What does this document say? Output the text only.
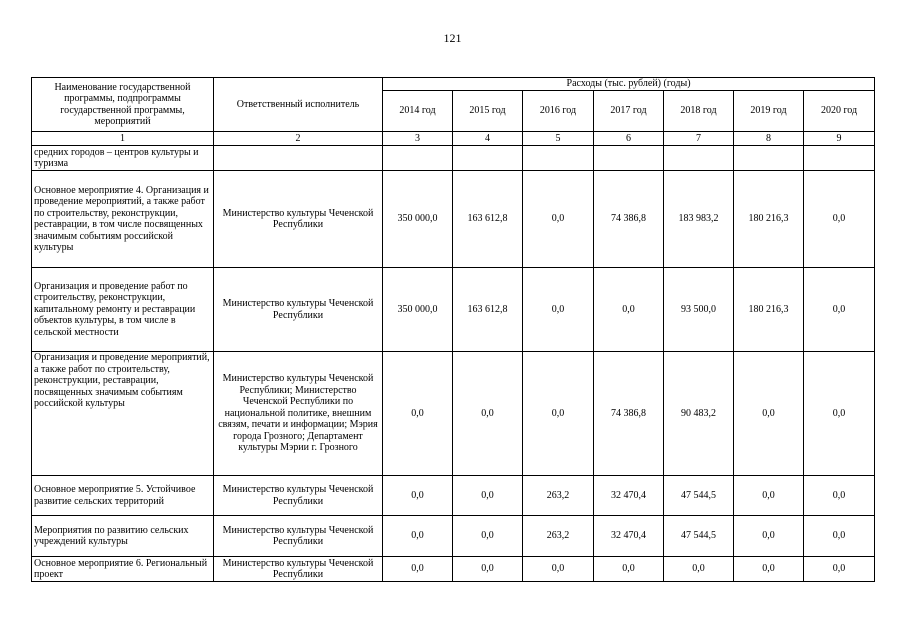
121
Наименование государственной программы, подпрограммы государственной программы, мероприятий	Ответственный исполнитель	Расходы (тыс. рублей) (годы)						
		2014 год	2015 год	2016 год	2017 год	2018 год	2019 год	2020 год
1	2	3	4	5	6	7	8	9
средних городов – центров культуры и туризма								
Основное мероприятие 4. Организация и проведение мероприятий, а также работ по строительству, реконструкции, реставрации, в том числе посвященных значимым событиям российской культуры	Министерство культуры Чеченской Республики	350 000,0	163 612,8	0,0	74 386,8	183 983,2	180 216,3	0,0
Организация и проведение работ по строительству, реконструкции, капитальному ремонту и реставрации объектов культуры, в том числе в сельской местности	Министерство культуры Чеченской Республики	350 000,0	163 612,8	0,0	0,0	93 500,0	180 216,3	0,0
Организация и проведение мероприятий, а также работ по строительству, реконструкции, реставрации, посвященных значимым событиям российской культуры	Министерство культуры Чеченской Республики; Министерство Чеченской Республики по национальной политике, внешним связям, печати и информации; Мэрия города Грозного; Департамент культуры Мэрии г. Грозного	0,0	0,0	0,0	74 386,8	90 483,2	0,0	0,0
Основное мероприятие 5. Устойчивое развитие сельских территорий	Министерство культуры Чеченской Республики	0,0	0,0	263,2	32 470,4	47 544,5	0,0	0,0
Мероприятия по развитию сельских учреждений культуры	Министерство культуры Чеченской Республики	0,0	0,0	263,2	32 470,4	47 544,5	0,0	0,0
Основное мероприятие 6. Региональный проект	Министерство культуры Чеченской Республики	0,0	0,0	0,0	0,0	0,0	0,0	0,0
